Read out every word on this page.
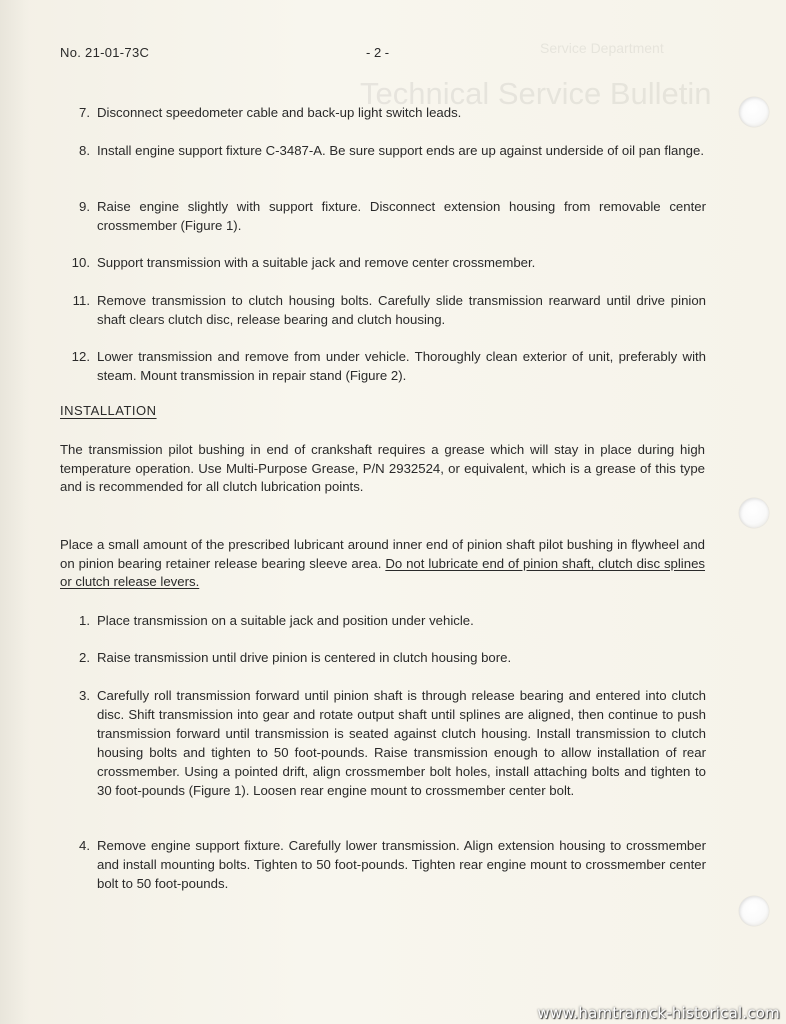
Service Department
Technical Service Bulletin
No. 21-01-73C	- 2 -
7. Disconnect speedometer cable and back-up light switch leads.
8. Install engine support fixture C-3487-A. Be sure support ends are up against underside of oil pan flange.
9. Raise engine slightly with support fixture. Disconnect extension housing from removable center crossmember (Figure 1).
10. Support transmission with a suitable jack and remove center crossmember.
11. Remove transmission to clutch housing bolts. Carefully slide transmission rearward until drive pinion shaft clears clutch disc, release bearing and clutch housing.
12. Lower transmission and remove from under vehicle. Thoroughly clean exterior of unit, preferably with steam. Mount transmission in repair stand (Figure 2).
INSTALLATION
The transmission pilot bushing in end of crankshaft requires a grease which will stay in place during high temperature operation. Use Multi-Purpose Grease, P/N 2932524, or equivalent, which is a grease of this type and is recommended for all clutch lubrication points.
Place a small amount of the prescribed lubricant around inner end of pinion shaft pilot bushing in flywheel and on pinion bearing retainer release bearing sleeve area. Do not lubricate end of pinion shaft, clutch disc splines or clutch release levers.
1. Place transmission on a suitable jack and position under vehicle.
2. Raise transmission until drive pinion is centered in clutch housing bore.
3. Carefully roll transmission forward until pinion shaft is through release bearing and entered into clutch disc. Shift transmission into gear and rotate output shaft until splines are aligned, then continue to push transmission forward until transmission is seated against clutch housing. Install transmission to clutch housing bolts and tighten to 50 foot-pounds. Raise transmission enough to allow installation of rear crossmember. Using a pointed drift, align crossmember bolt holes, install attaching bolts and tighten to 30 foot-pounds (Figure 1). Loosen rear engine mount to crossmember center bolt.
4. Remove engine support fixture. Carefully lower transmission. Align extension housing to crossmember and install mounting bolts. Tighten to 50 foot-pounds. Tighten rear engine mount to crossmember center bolt to 50 foot-pounds.
www.hamtramck-historical.com
